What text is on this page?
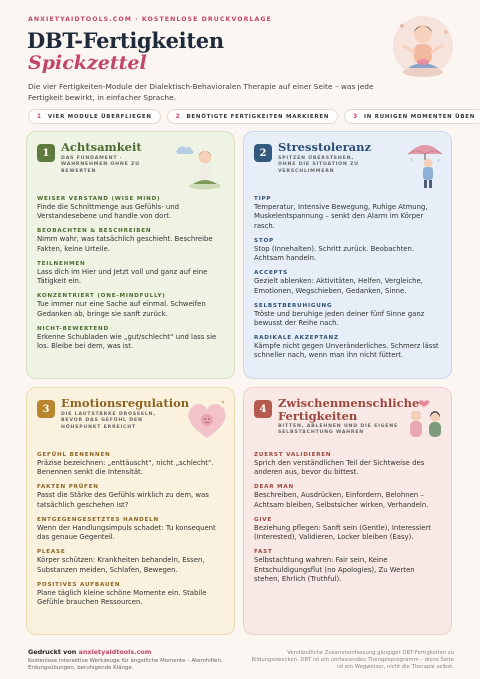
ANXIETYAIDTOOLS.COM · KOSTENLOSE DRUCKVORLAGE
DBT-Fertigkeiten
Spickzettel
Die vier Fertigkeiten-Module der Dialektisch-Behavioralen Therapie auf einer Seite – was jede Fertigkeit bewirkt, in einfacher Sprache.
1 VIER MODULE ÜBERFLIEGEN	2 BENÖTIGTE FERTIGKEITEN MARKIEREN	3 IN RUHIGEN MOMENTEN ÜBEN
1	Achtsamkeit
DAS FUNDAMENT · WAHRNEHMEN OHNE ZU BEWERTEN
WEISER VERSTAND (WISE MIND)
Finde die Schnittmenge aus Gefühls- und Verstandesebene und handle von dort.
BEOBACHTEN & BESCHREIBEN
Nimm wahr, was tatsächlich geschieht. Beschreibe Fakten, keine Urteile.
TEILNEHMEN
Lass dich im Hier und Jetzt voll und ganz auf eine Tätigkeit ein.
KONZENTRIERT (ONE-MINDFULLY)
Tue immer nur eine Sache auf einmal. Schweifen Gedanken ab, bringe sie sanft zurück.
NICHT-BEWERTEND
Erkenne Schubladen wie „gut/schlecht“ und lass sie los. Bleibe bei dem, was ist.
2	Stresstoleranz
SPITZEN ÜBERSTEHEN, OHNE DIE SITUATION ZU VERSCHLIMMERN
TIPP
Temperatur, Intensive Bewegung, Ruhige Atmung, Muskelentspannung – senkt den Alarm im Körper rasch.
STOP
Stop (Innehalten). Schritt zurück. Beobachten. Achtsam handeln.
ACCEPTS
Gezielt ablenken: Aktivitäten, Helfen, Vergleiche, Emotionen, Wegschieben, Gedanken, Sinne.
SELBSTBERUHIGUNG
Tröste und beruhige jeden deiner fünf Sinne ganz bewusst der Reihe nach.
RADIKALE AKZEPTANZ
Kämpfe nicht gegen Unveränderliches. Schmerz lässt schneller nach, wenn man ihn nicht füttert.
3	Emotionsregulation
DIE LAUTSTÄRKE DROSSELN, BEVOR DAS GEFÜHL DEN HÖHEPUNKT ERREICHT
GEFÜHL BENENNEN
Präzise bezeichnen: „enttäuscht“, nicht „schlecht“. Benennen senkt die Intensität.
FAKTEN PRÜFEN
Passt die Stärke des Gefühls wirklich zu dem, was tatsächlich geschehen ist?
ENTGEGENGESETZTES HANDELN
Wenn der Handlungsimpuls schadet: Tu konsequent das genaue Gegenteil.
PLEASE
Körper schützen: Krankheiten behandeln, Essen, Substanzen meiden, Schlafen, Bewegen.
POSITIVES AUFBAUEN
Plane täglich kleine schöne Momente ein. Stabile Gefühle brauchen Ressourcen.
4	Zwischenmenschliche Fertigkeiten
BITTEN, ABLEHNEN UND DIE EIGENE SELBSTACHTUNG WAHREN
ZUERST VALIDIEREN
Sprich den verständlichen Teil der Sichtweise des anderen aus, bevor du bittest.
DEAR MAN
Beschreiben, Ausdrücken, Einfordern, Belohnen – Achtsam bleiben, Selbstsicher wirken, Verhandeln.
GIVE
Beziehung pflegen: Sanft sein (Gentle), Interessiert (Interested), Validieren, Locker bleiben (Easy).
FAST
Selbstachtung wahren: Fair sein, Keine Entschuldigungsflut (no Apologies), Zu Werten stehen, Ehrlich (Truthful).
Gedruckt von anxietyaidtools.com
Kostenlose interaktive Werkzeuge für ängstliche Momente – Atemhilfen, Erdungsübungen, beruhigende Klänge.
Verständliche Zusammenfassung gängiger DBT-Fertigkeiten zu Bildungszwecken. DBT ist ein umfassendes Therapieprogramm – diese Seite ist ein Wegweiser, nicht die Therapie selbst.
